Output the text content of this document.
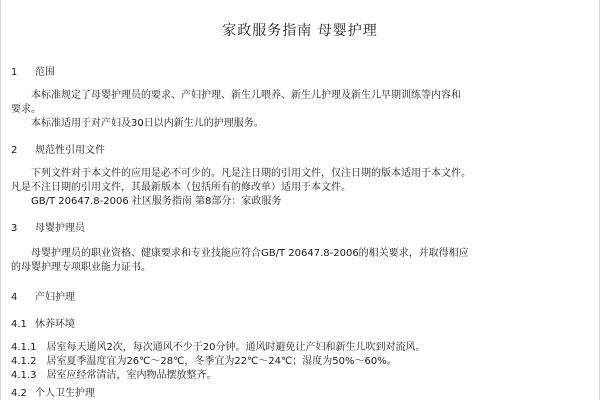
家政服务指南 母婴护理
1 范围
　　本标准规定了母婴护理员的要求、产妇护理、新生儿喂养、新生儿护理及新生儿早期训练等内容和
要求。
　　本标准适用于对产妇及30日以内新生儿的护理服务。
2 规范性引用文件
　　下列文件对于本文件的应用是必不可少的。凡是注日期的引用文件，仅注日期的版本适用于本文件。
凡是不注日期的引用文件，其最新版本（包括所有的修改单）适用于本文件。
　　GB/T 20647.8-2006 社区服务指南 第8部分：家政服务
3 母婴护理员
　　母婴护理员的职业资格、健康要求和专业技能应符合GB/T 20647.8-2006的相关要求，并取得相应
的母婴护理专项职业能力证书。
4 产妇护理
4.1 休养环境
4.1.1　居室每天通风2次，每次通风不少于20分钟。通风时避免让产妇和新生儿吹到对流风。
4.1.2　居室夏季温度宜为26℃～28℃，冬季宜为22℃～24℃；湿度为50%～60%。
4.1.3　居室应经常清洁，室内物品摆放整齐。
4.2 个人卫生护理
